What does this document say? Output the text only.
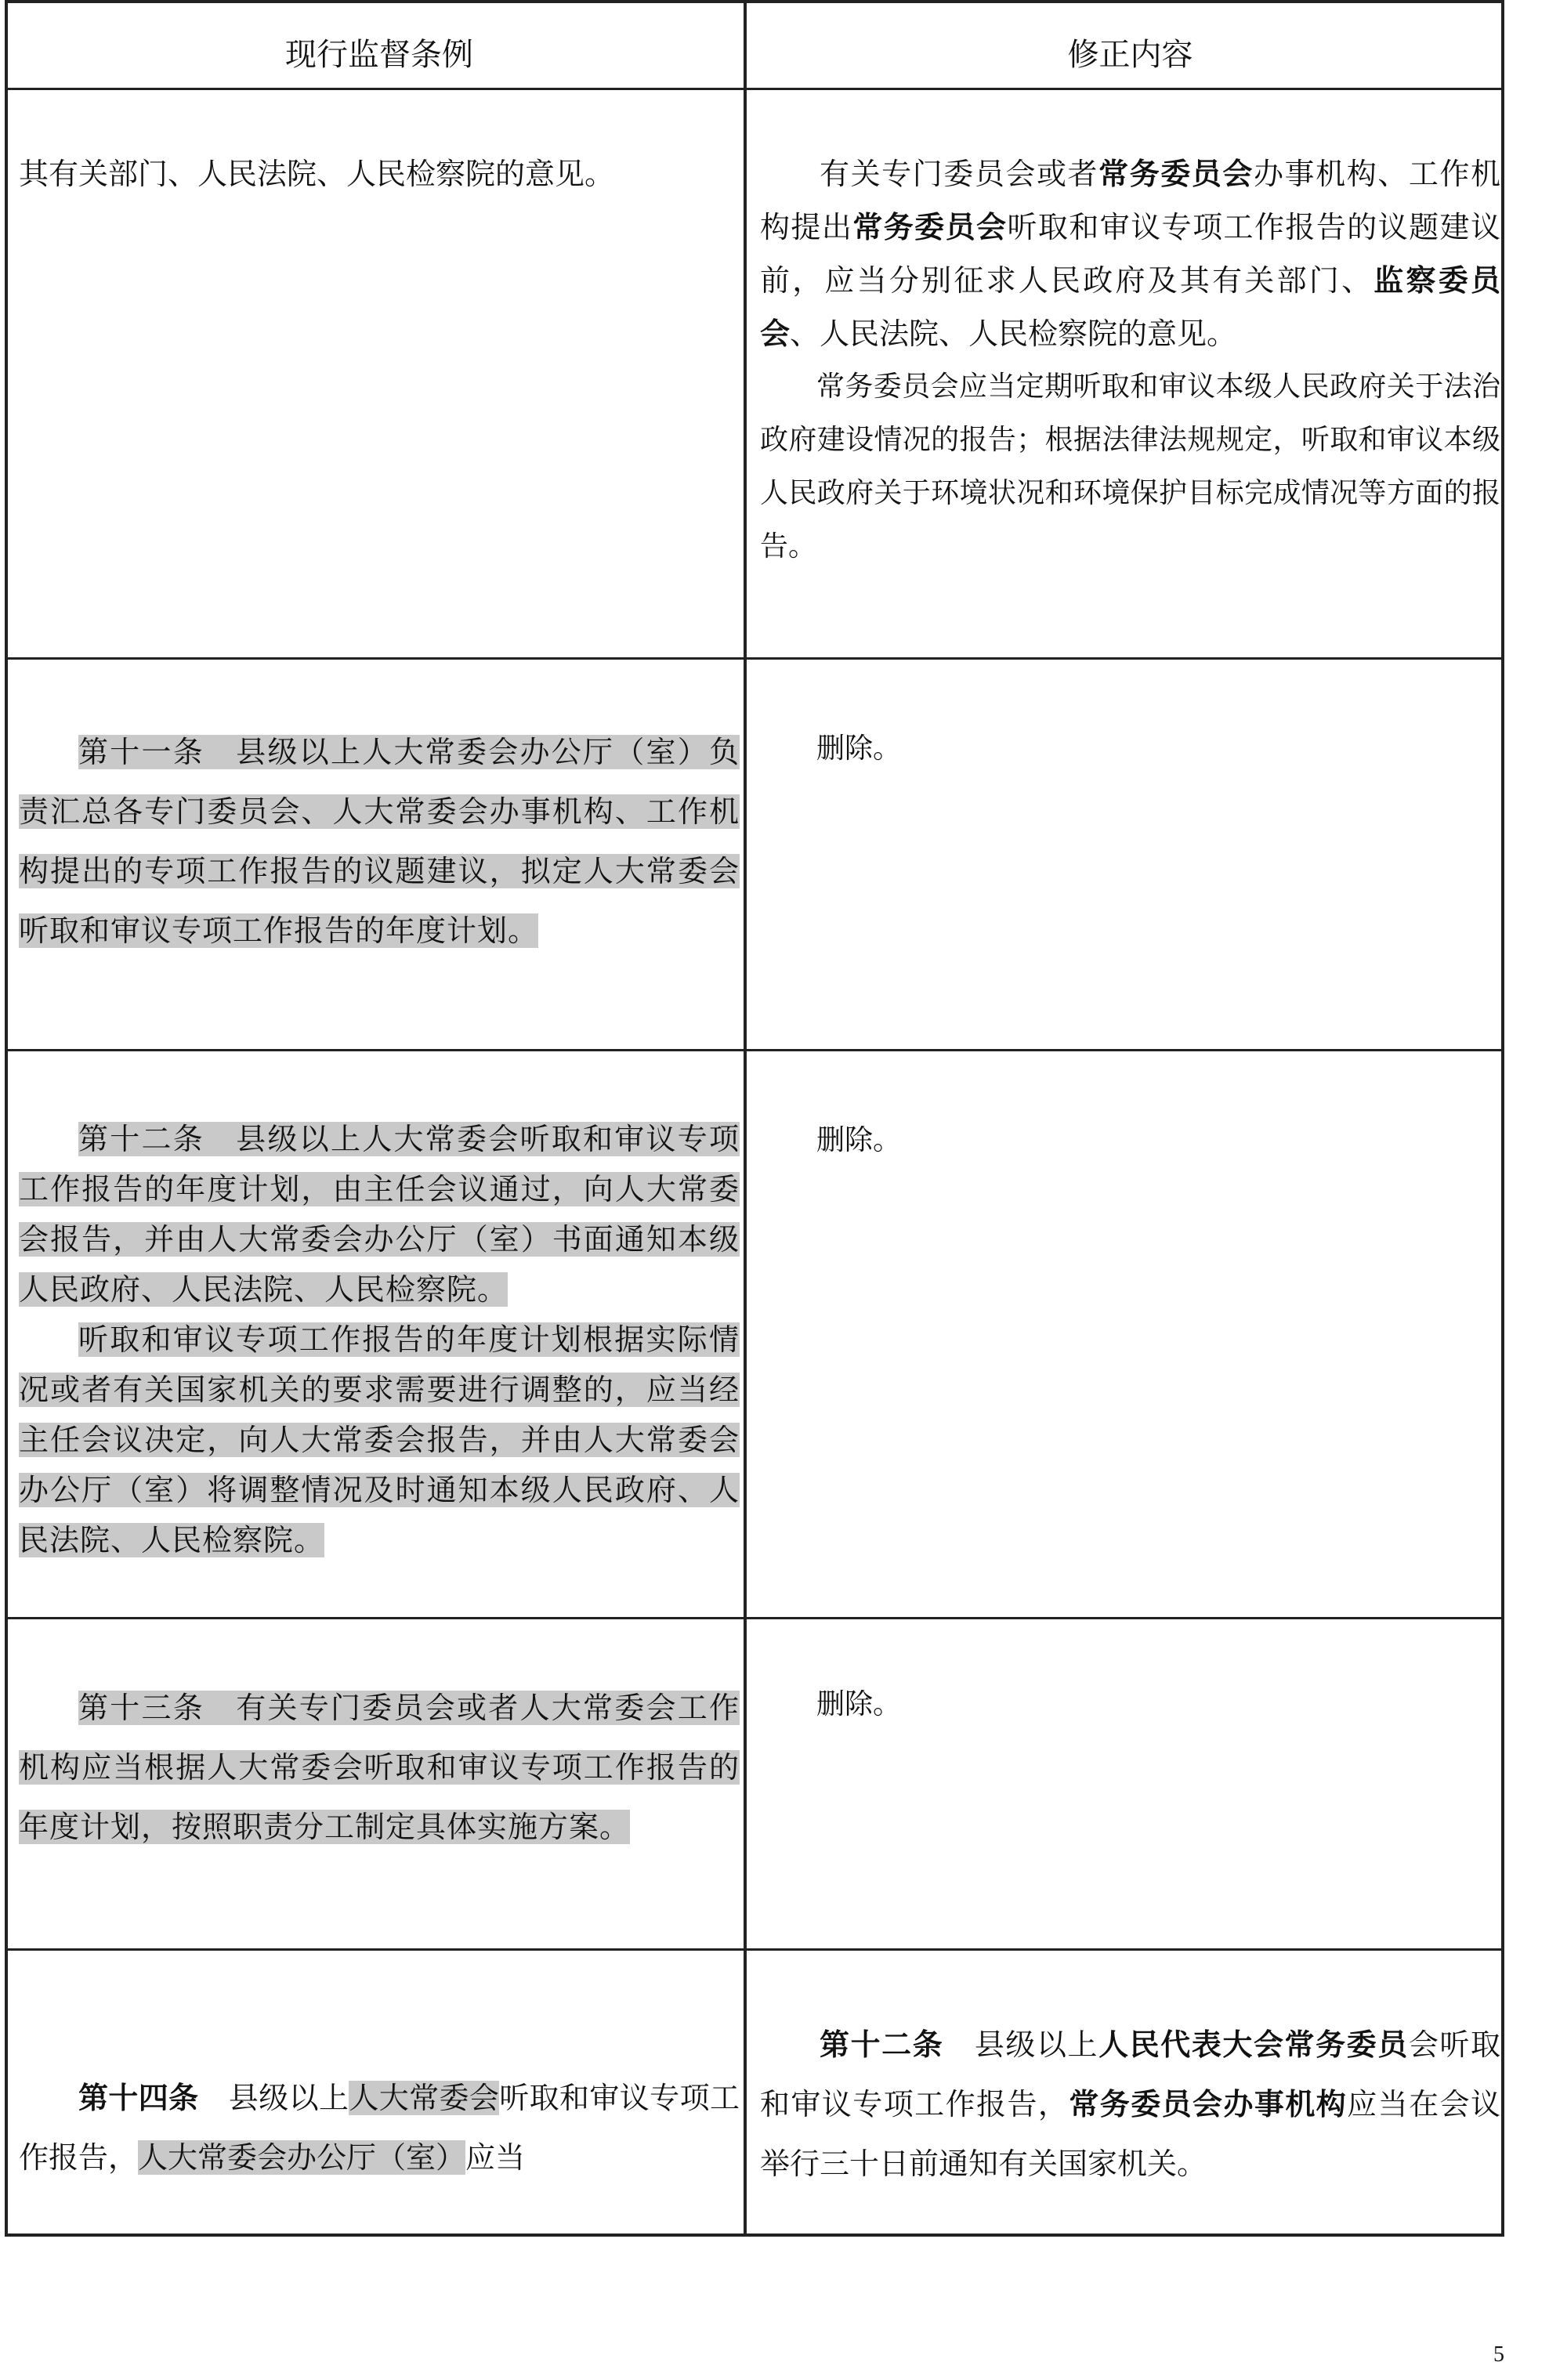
现行监督条例	修正内容

其有关部门、人民法院、人民检察院的意见。	有关专门委员会或者常务委员会办事机构、工作机构提出常务委员会听取和审议专项工作报告的议题建议前，应当分别征求人民政府及其有关部门、监察委员会、人民法院、人民检察院的意见。

常务委员会应当定期听取和审议本级人民政府关于法治政府建设情况的报告；根据法律法规规定，听取和审议本级人民政府关于环境状况和环境保护目标完成情况等方面的报告。

第十一条　县级以上人大常委会办公厅（室）负责汇总各专门委员会、人大常委会办事机构、工作机构提出的专项工作报告的议题建议，拟定人大常委会听取和审议专项工作报告的年度计划。

删除。

第十二条　县级以上人大常委会听取和审议专项工作报告的年度计划，由主任会议通过，向人大常委会报告，并由人大常委会办公厅（室）书面通知本级人民政府、人民法院、人民检察院。

听取和审议专项工作报告的年度计划根据实际情况或者有关国家机关的要求需要进行调整的，应当经主任会议决定，向人大常委会报告，并由人大常委会办公厅（室）将调整情况及时通知本级人民政府、人民法院、人民检察院。

删除。

第十三条　有关专门委员会或者人大常委会工作机构应当根据人大常委会听取和审议专项工作报告的年度计划，按照职责分工制定具体实施方案。

删除。

第十四条　县级以上人大常委会听取和审议专项工作报告，人大常委会办公厅（室）应当

第十二条　县级以上人民代表大会常务委员会听取和审议专项工作报告，常务委员会办事机构应当在会议举行三十日前通知有关国家机关。

5
